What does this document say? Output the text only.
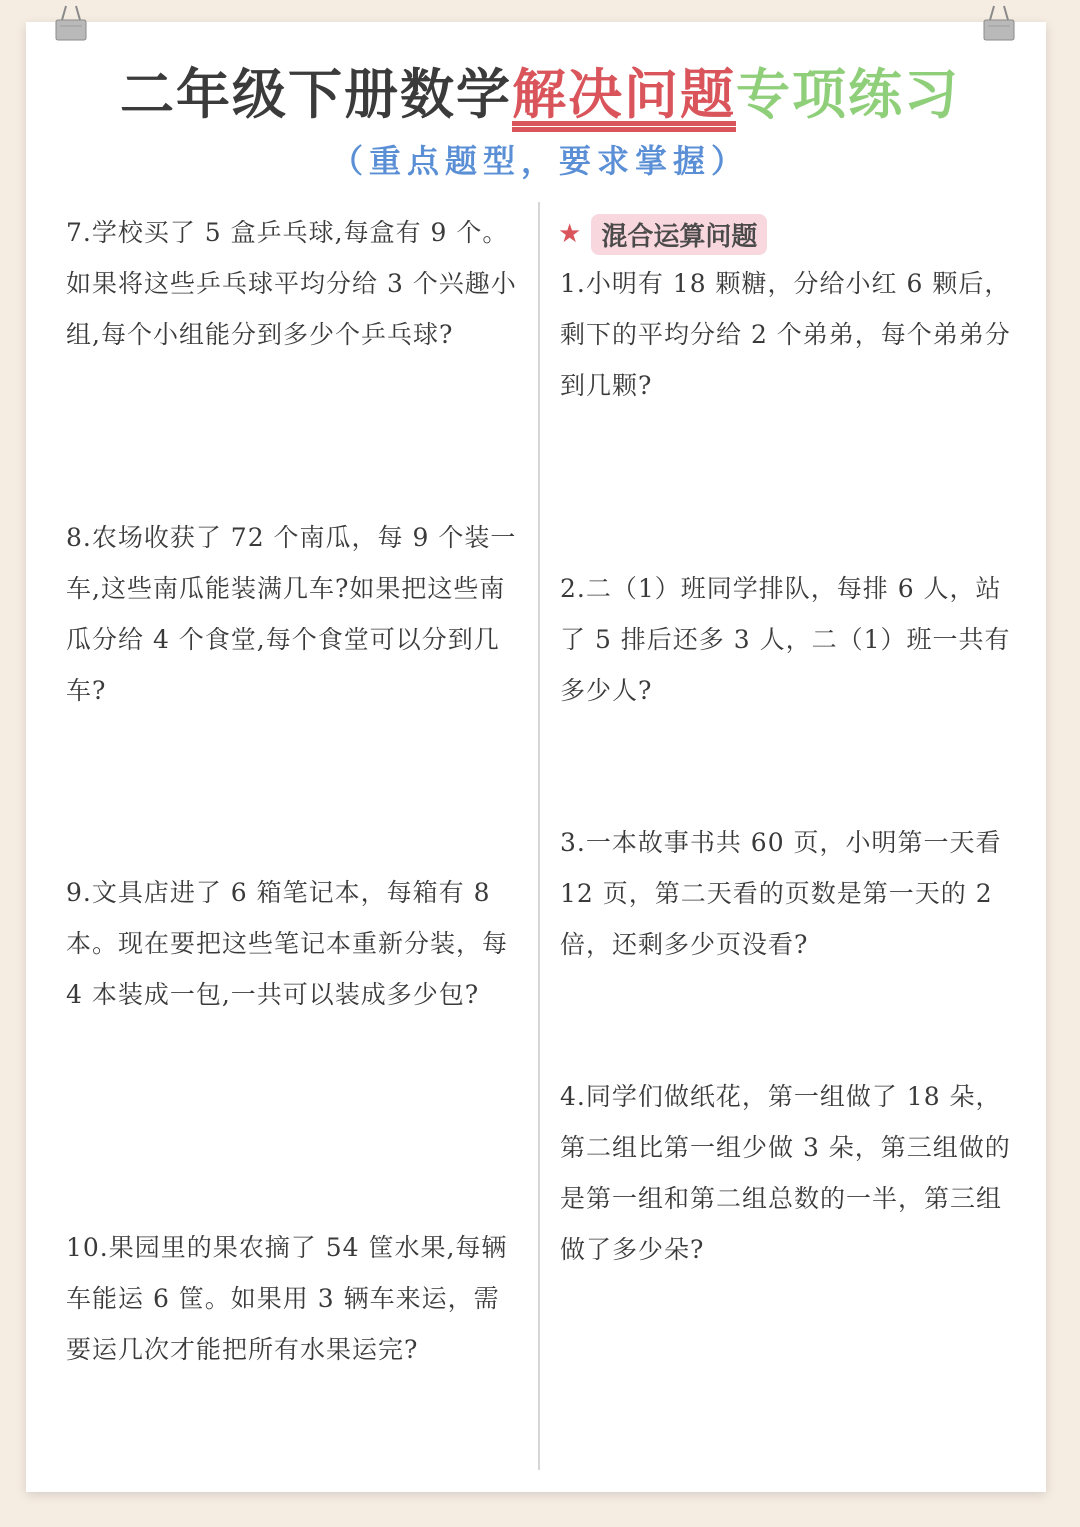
二年级下册数学解决问题专项练习
（重点题型，要求掌握）
★ 混合运算问题
7.学校买了 5 盒乒乓球,每盒有 9 个。如果将这些乒乓球平均分给 3 个兴趣小组,每个小组能分到多少个乒乓球?
8.农场收获了 72 个南瓜，每 9 个装一车,这些南瓜能装满几车?如果把这些南瓜分给 4 个食堂,每个食堂可以分到几车?
9.文具店进了 6 箱笔记本，每箱有 8 本。现在要把这些笔记本重新分装，每 4 本装成一包,一共可以装成多少包?
10.果园里的果农摘了 54 筐水果,每辆车能运 6 筐。如果用 3 辆车来运，需要运几次才能把所有水果运完?
1.小明有 18 颗糖，分给小红 6 颗后，剩下的平均分给 2 个弟弟，每个弟弟分到几颗?
2.二（1）班同学排队，每排 6 人，站了 5 排后还多 3 人，二（1）班一共有多少人?
3.一本故事书共 60 页，小明第一天看 12 页，第二天看的页数是第一天的 2 倍，还剩多少页没看?
4.同学们做纸花，第一组做了 18 朵，第二组比第一组少做 3 朵，第三组做的是第一组和第二组总数的一半，第三组做了多少朵?
